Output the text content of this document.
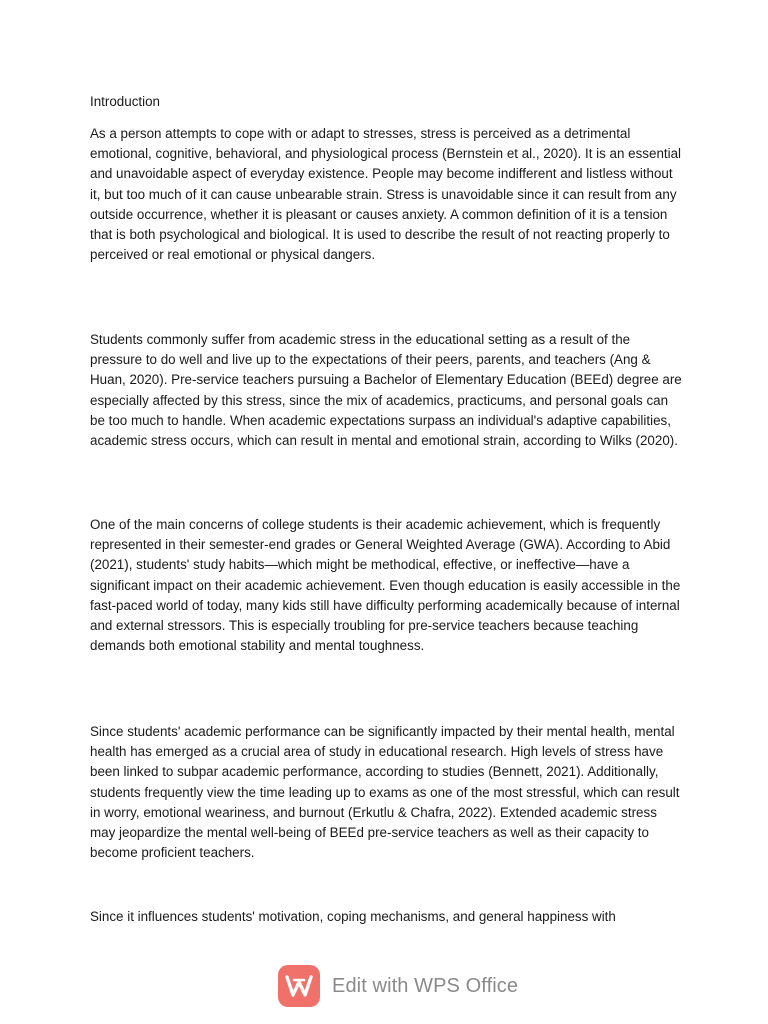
Introduction

As a person attempts to cope with or adapt to stresses, stress is perceived as a detrimental emotional, cognitive, behavioral, and physiological process (Bernstein et al., 2020). It is an essential and unavoidable aspect of everyday existence. People may become indifferent and listless without it, but too much of it can cause unbearable strain. Stress is unavoidable since it can result from any outside occurrence, whether it is pleasant or causes anxiety. A common definition of it is a tension that is both psychological and biological. It is used to describe the result of not reacting properly to perceived or real emotional or physical dangers.

Students commonly suffer from academic stress in the educational setting as a result of the pressure to do well and live up to the expectations of their peers, parents, and teachers (Ang & Huan, 2020). Pre-service teachers pursuing a Bachelor of Elementary Education (BEEd) degree are especially affected by this stress, since the mix of academics, practicums, and personal goals can be too much to handle. When academic expectations surpass an individual's adaptive capabilities, academic stress occurs, which can result in mental and emotional strain, according to Wilks (2020).

One of the main concerns of college students is their academic achievement, which is frequently represented in their semester-end grades or General Weighted Average (GWA). According to Abid (2021), students' study habits—which might be methodical, effective, or ineffective—have a significant impact on their academic achievement. Even though education is easily accessible in the fast-paced world of today, many kids still have difficulty performing academically because of internal and external stressors. This is especially troubling for pre-service teachers because teaching demands both emotional stability and mental toughness.

Since students' academic performance can be significantly impacted by their mental health, mental health has emerged as a crucial area of study in educational research. High levels of stress have been linked to subpar academic performance, according to studies (Bennett, 2021). Additionally, students frequently view the time leading up to exams as one of the most stressful, which can result in worry, emotional weariness, and burnout (Erkutlu & Chafra, 2022). Extended academic stress may jeopardize the mental well-being of BEEd pre-service teachers as well as their capacity to become proficient teachers.

Since it influences students' motivation, coping mechanisms, and general happiness with

Edit with WPS Office
